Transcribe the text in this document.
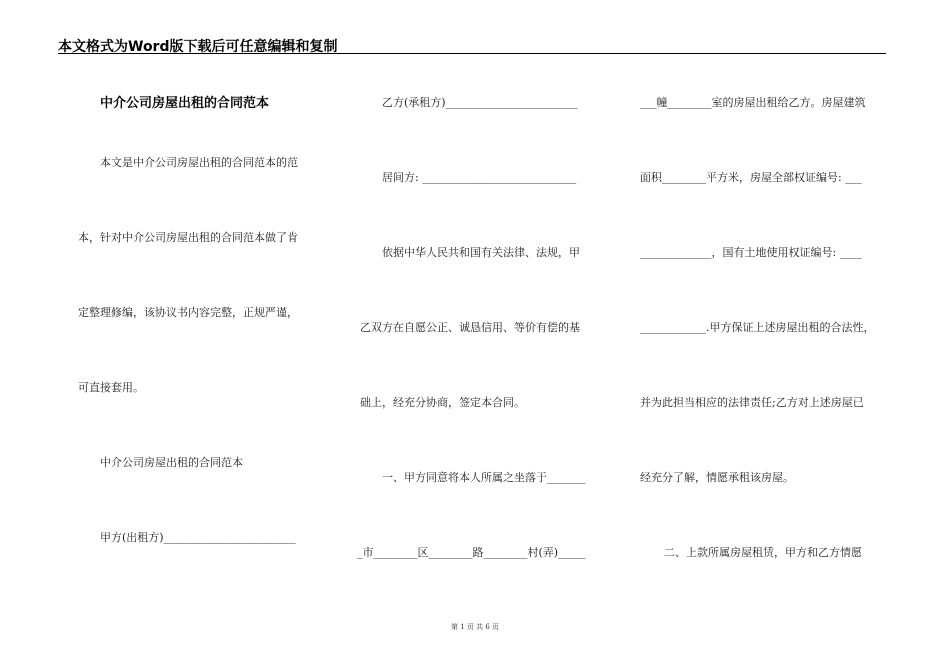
本文格式为Word版下载后可任意编辑和复制
中介公司房屋出租的合同范本
本文是中介公司房屋出租的合同范本的范
本，针对中介公司房屋出租的合同范本做了肯
定整理修编，该协议书内容完整，正规严谨，
可直接套用。
中介公司房屋出租的合同范本
甲方(出租方)________________________
乙方(承租方)________________________
居间方: ____________________________
依据中华人民共和国有关法律、法规，甲
乙双方在自愿公正、诚恳信用、等价有偿的基
础上，经充分协商，签定本合同。
一、甲方同意将本人所属之坐落于_______
_市________区________路________村(弄)_____
___幢________室的房屋出租给乙方。房屋建筑
面积________平方米，房屋全部权证编号: ___
_____________，国有土地使用权证编号: ____
____________.甲方保证上述房屋出租的合法性，
并为此担当相应的法律责任;乙方对上述房屋已
经充分了解，情愿承租该房屋。
二、上款所属房屋租赁，甲方和乙方情愿
第 1 页 共 6 页
